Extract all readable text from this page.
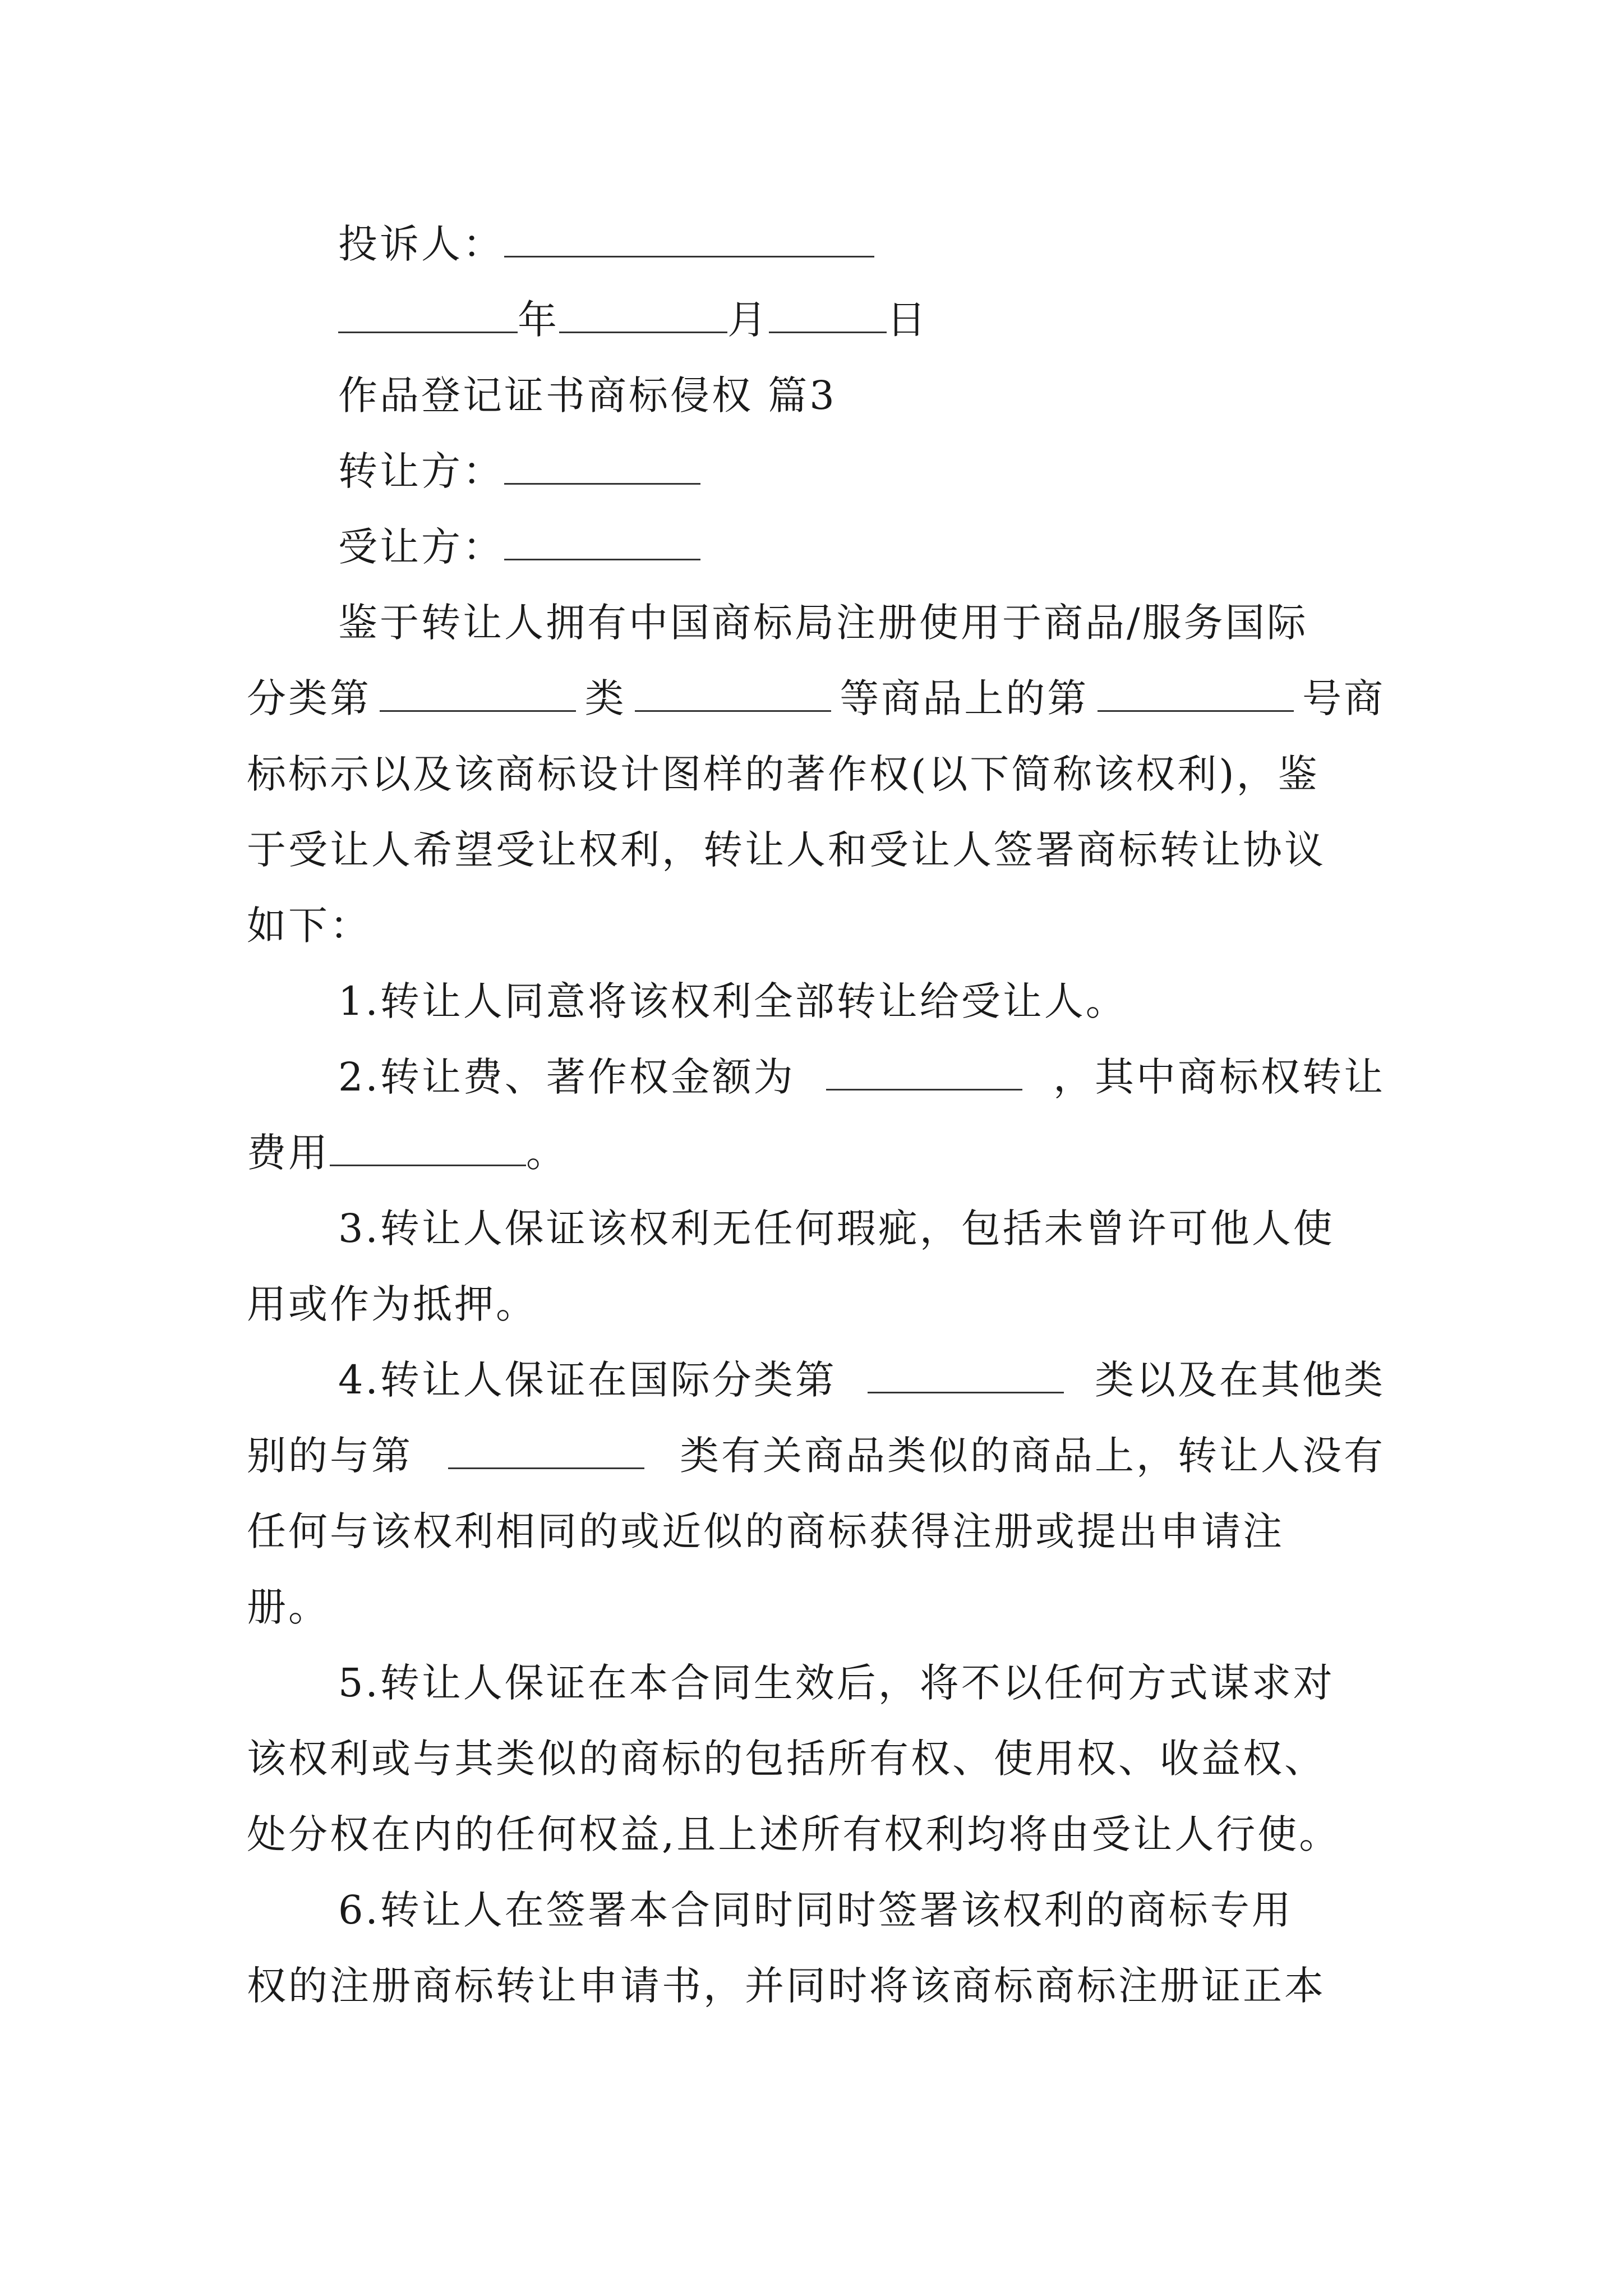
投诉人：
年	月	日
作品登记证书商标侵权 篇3
转让方：
受让方：
鉴于转让人拥有中国商标局注册使用于商品/服务国际
分类第	类	等商品上的第	号商
标标示以及该商标设计图样的著作权(以下简称该权利)，鉴
于受让人希望受让权利，转让人和受让人签署商标转让协议
如下：
1.转让人同意将该权利全部转让给受让人。
2.转让费、著作权金额为	，其中商标权转让
费用	。
3.转让人保证该权利无任何瑕疵，包括未曾许可他人使
用或作为抵押。
4.转让人保证在国际分类第	类以及在其他类
别的与第	类有关商品类似的商品上，转让人没有
任何与该权利相同的或近似的商标获得注册或提出申请注
册。
5.转让人保证在本合同生效后，将不以任何方式谋求对
该权利或与其类似的商标的包括所有权、使用权、收益权、
处分权在内的任何权益,且上述所有权利均将由受让人行使。
6.转让人在签署本合同时同时签署该权利的商标专用
权的注册商标转让申请书，并同时将该商标商标注册证正本
